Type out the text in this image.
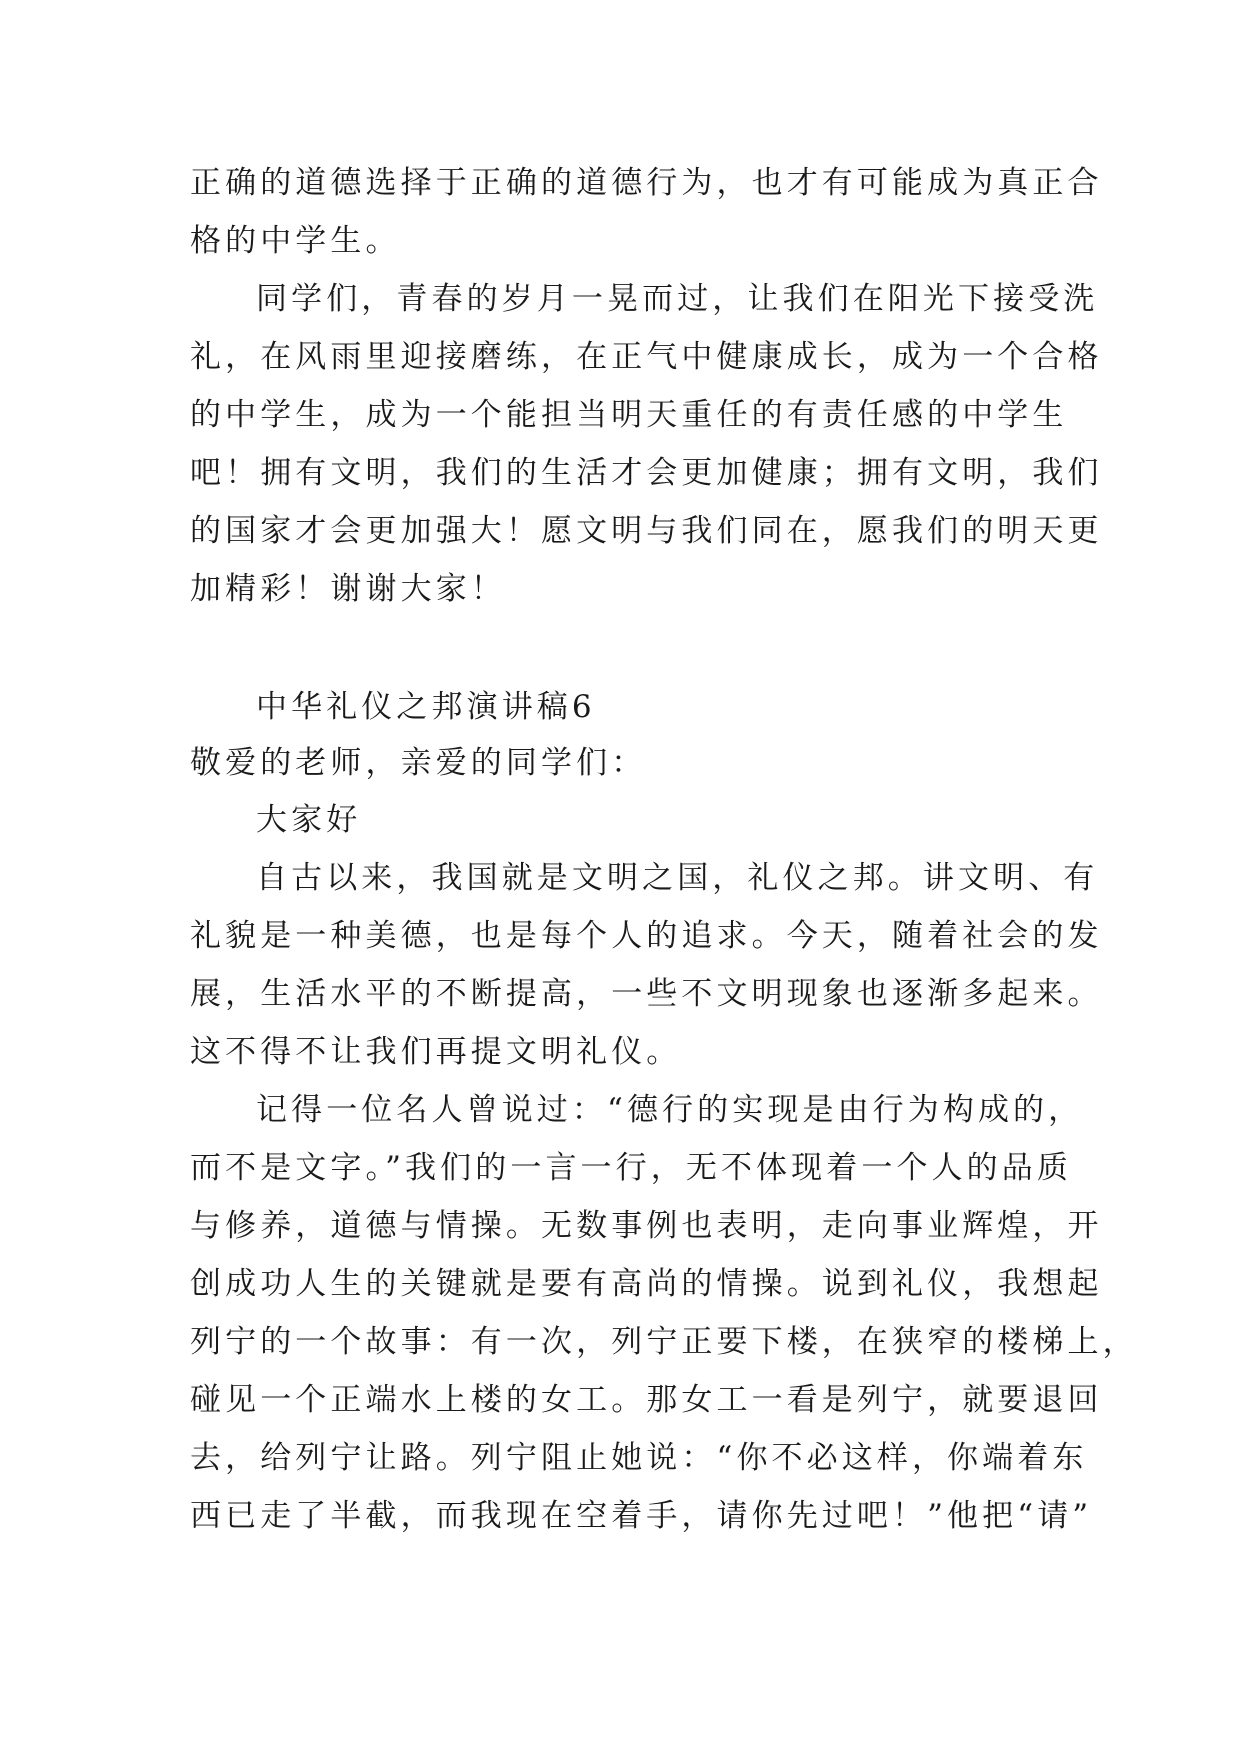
正确的道德选择于正确的道德行为，也才有可能成为真正合
格的中学生。
同学们，青春的岁月一晃而过，让我们在阳光下接受洗
礼，在风雨里迎接磨练，在正气中健康成长，成为一个合格
的中学生，成为一个能担当明天重任的有责任感的中学生
吧！拥有文明，我们的生活才会更加健康；拥有文明，我们
的国家才会更加强大！愿文明与我们同在，愿我们的明天更
加精彩！谢谢大家！
中华礼仪之邦演讲稿6
敬爱的老师，亲爱的同学们：
大家好
自古以来，我国就是文明之国，礼仪之邦。讲文明、有
礼貌是一种美德，也是每个人的追求。今天，随着社会的发
展，生活水平的不断提高，一些不文明现象也逐渐多起来。
这不得不让我们再提文明礼仪。
记得一位名人曾说过：“德行的实现是由行为构成的，
而不是文字。”我们的一言一行，无不体现着一个人的品质
与修养，道德与情操。无数事例也表明，走向事业辉煌，开
创成功人生的关键就是要有高尚的情操。说到礼仪，我想起
列宁的一个故事：有一次，列宁正要下楼，在狭窄的楼梯上，
碰见一个正端水上楼的女工。那女工一看是列宁，就要退回
去，给列宁让路。列宁阻止她说：“你不必这样，你端着东
西已走了半截，而我现在空着手，请你先过吧！”他把“请”
